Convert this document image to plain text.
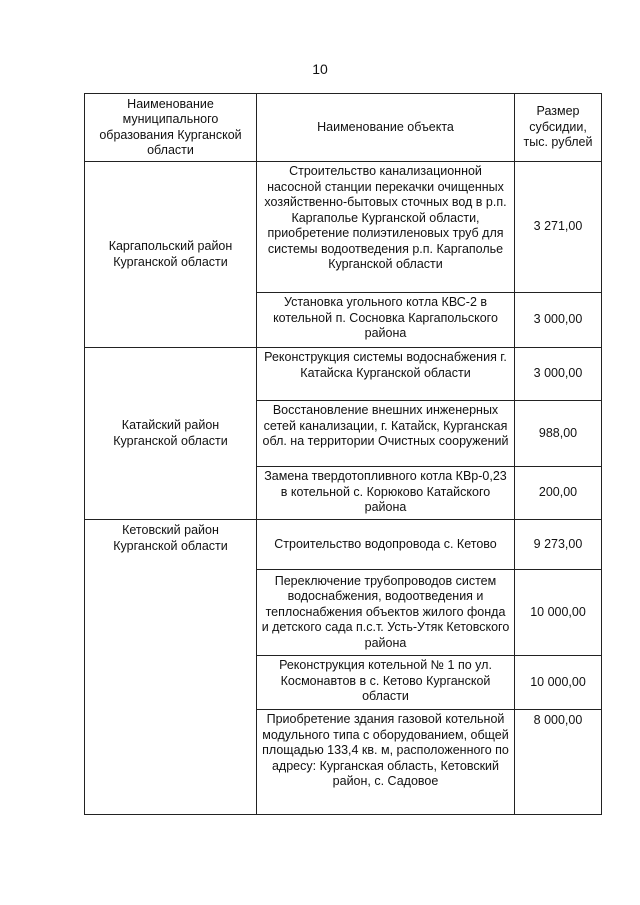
10
Наименование муниципального образования Курганской области	Наименование объекта	Размер субсидии, тыс. рублей
Каргапольский район Курганской области	Строительство канализационной насосной станции перекачки очищенных хозяйственно-бытовых сточных вод в р.п. Каргаполье Курганской области, приобретение полиэтиленовых труб для системы водоотведения р.п. Каргаполье Курганской области	3 271,00
	Установка угольного котла КВС-2 в котельной п. Сосновка Каргапольского района	3 000,00
Катайский район Курганской области	Реконструкция системы водоснабжения г. Катайска Курганской области	3 000,00
	Восстановление внешних инженерных сетей канализации, г. Катайск, Курганская обл. на территории Очистных сооружений	988,00
	Замена твердотопливного котла КВр-0,23 в котельной с. Корюково Катайского района	200,00
Кетовский район Курганской области	Строительство водопровода с. Кетово	9 273,00
	Переключение трубопроводов систем водоснабжения, водоотведения и теплоснабжения объектов жилого фонда и детского сада п.с.т. Усть-Утяк Кетовского района	10 000,00
	Реконструкция котельной № 1 по ул. Космонавтов в с. Кетово Курганской области	10 000,00
	Приобретение здания газовой котельной модульного типа с оборудованием, общей площадью 133,4 кв. м, расположенного по адресу: Курганская область, Кетовский район, с. Садовое	8 000,00
